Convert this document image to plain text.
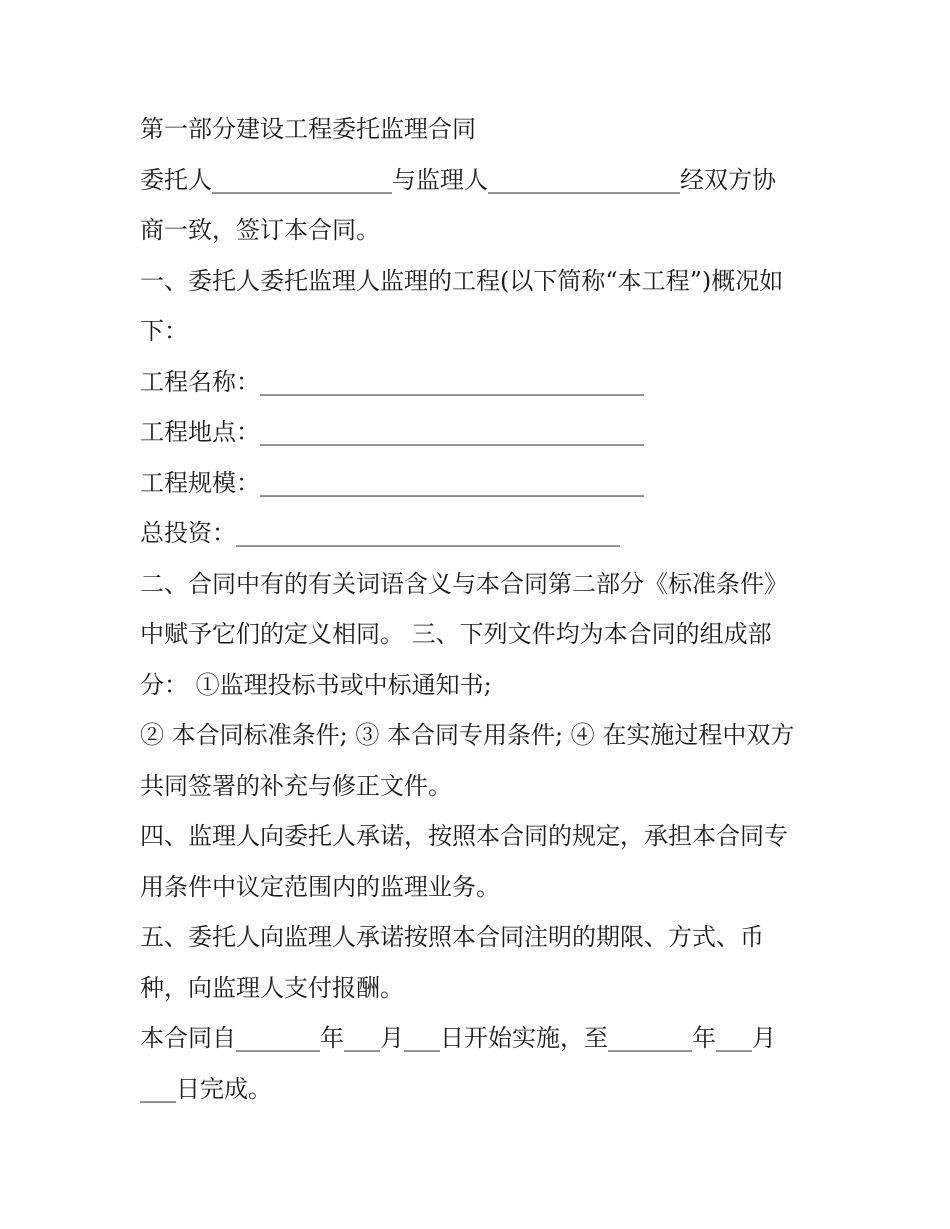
第一部分建设工程委托监理合同
委托人_______________与监理人________________经双方协
商一致，签订本合同。
一、委托人委托监理人监理的工程(以下简称“本工程”)概况如
下：
工程名称：________________________________
工程地点：________________________________
工程规模：________________________________
总投资：________________________________
二、合同中有的有关词语含义与本合同第二部分《标准条件》
中赋予它们的定义相同。 三、下列文件均为本合同的组成部
分： ①监理投标书或中标通知书;
② 本合同标准条件; ③ 本合同专用条件; ④ 在实施过程中双方
共同签署的补充与修正文件。
四、监理人向委托人承诺，按照本合同的规定，承担本合同专
用条件中议定范围内的监理业务。
五、委托人向监理人承诺按照本合同注明的期限、方式、币
种，向监理人支付报酬。
本合同自_______年___月___日开始实施，至_______年___月
___日完成。
